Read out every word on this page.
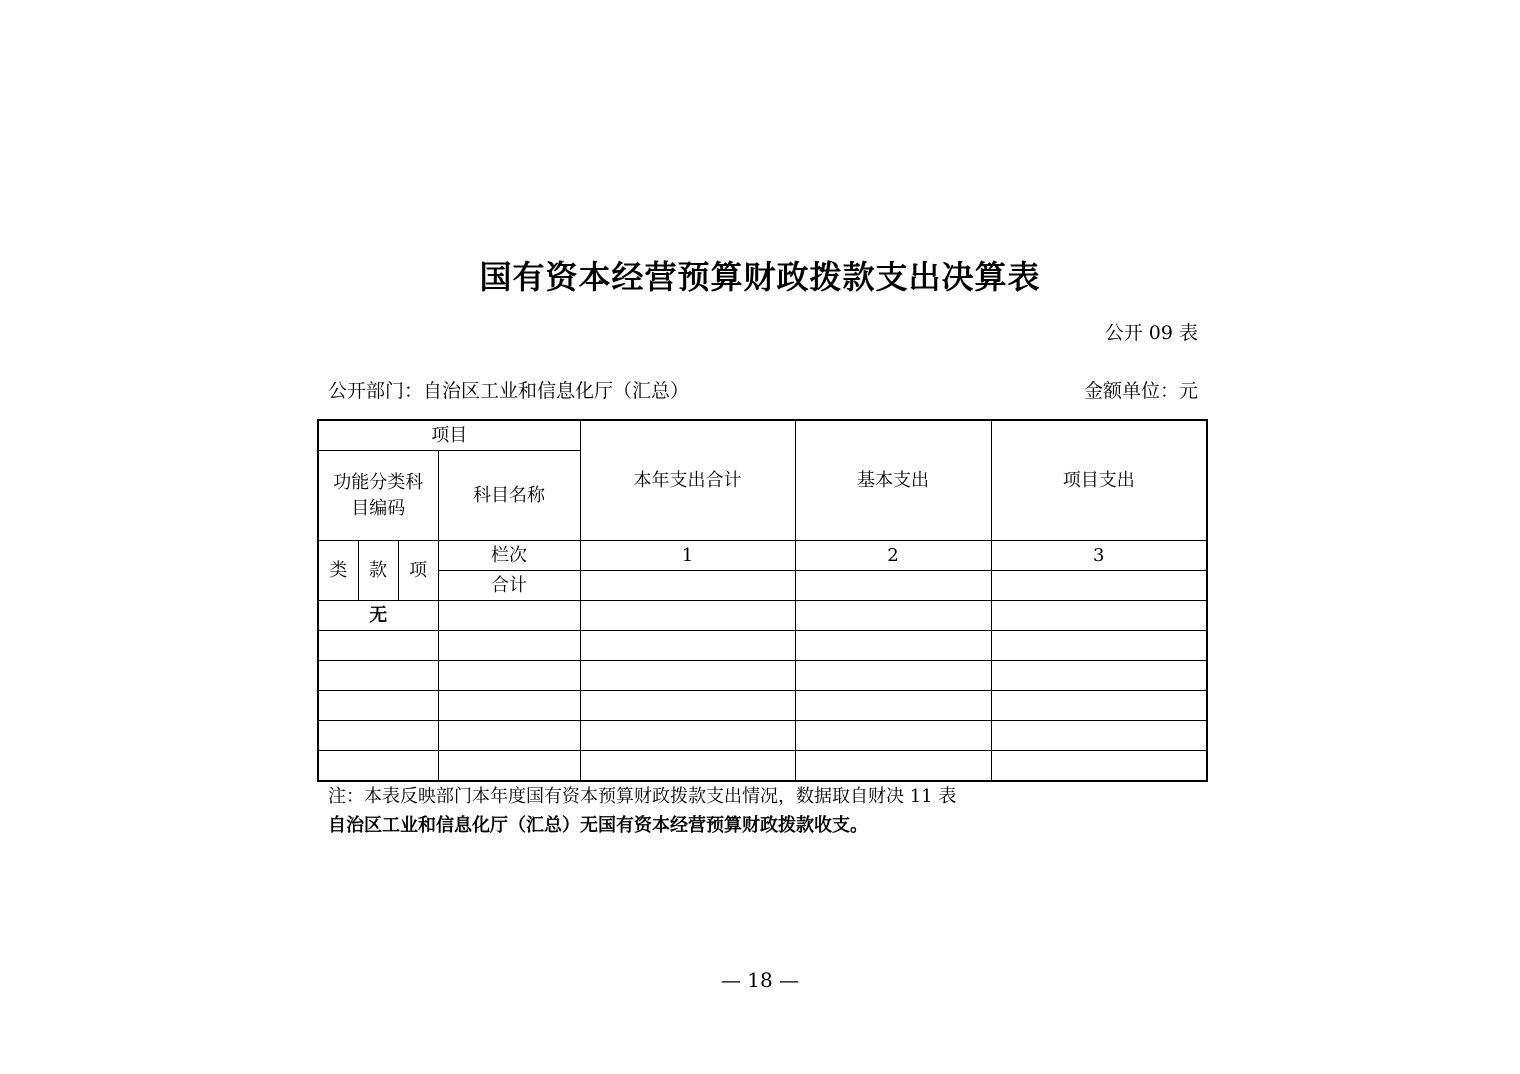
国有资本经营预算财政拨款支出决算表
公开 09 表
公开部门：自治区工业和信息化厅（汇总）	金额单位：元
项目				本年支出合计	基本支出	项目支出
功能分类科目编码			科目名称			
类	款	项	栏次	1	2	3
			合计			
无						

注：本表反映部门本年度国有资本预算财政拨款支出情况，数据取自财决 11 表
自治区工业和信息化厅（汇总）无国有资本经营预算财政拨款收支。
— 18 —
